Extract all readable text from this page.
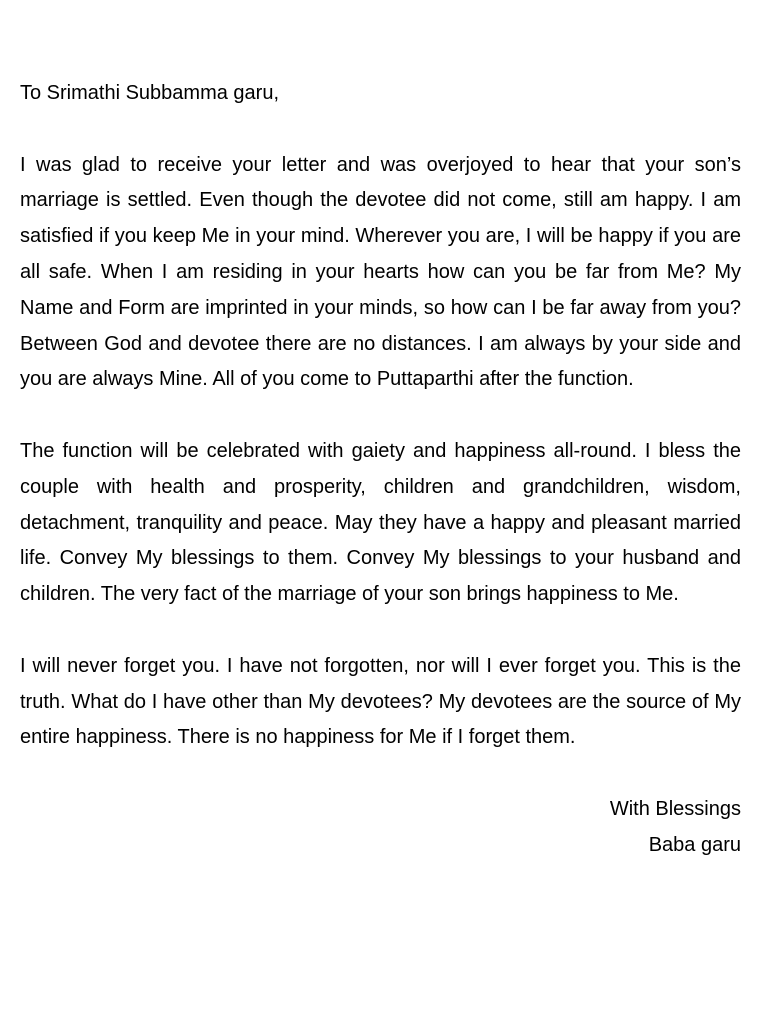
To Srimathi Subbamma garu,

I was glad to receive your letter and was overjoyed to hear that your son’s marriage is settled. Even though the devotee did not come, still am happy. I am satisfied if you keep Me in your mind. Wherever you are, I will be happy if you are all safe. When I am residing in your hearts how can you be far from Me? My Name and Form are imprinted in your minds, so how can I be far away from you? Between God and devotee there are no distances. I am always by your side and you are always Mine. All of you come to Puttaparthi after the function.

The function will be celebrated with gaiety and happiness all-round. I bless the couple with health and prosperity, children and grandchildren, wisdom, detachment, tranquility and peace. May they have a happy and pleasant married life. Convey My blessings to them. Convey My blessings to your husband and children. The very fact of the marriage of your son brings happiness to Me.

I will never forget you. I have not forgotten, nor will I ever forget you. This is the truth. What do I have other than My devotees? My devotees are the source of My entire happiness. There is no happiness for Me if I forget them.

With Blessings
Baba garu
